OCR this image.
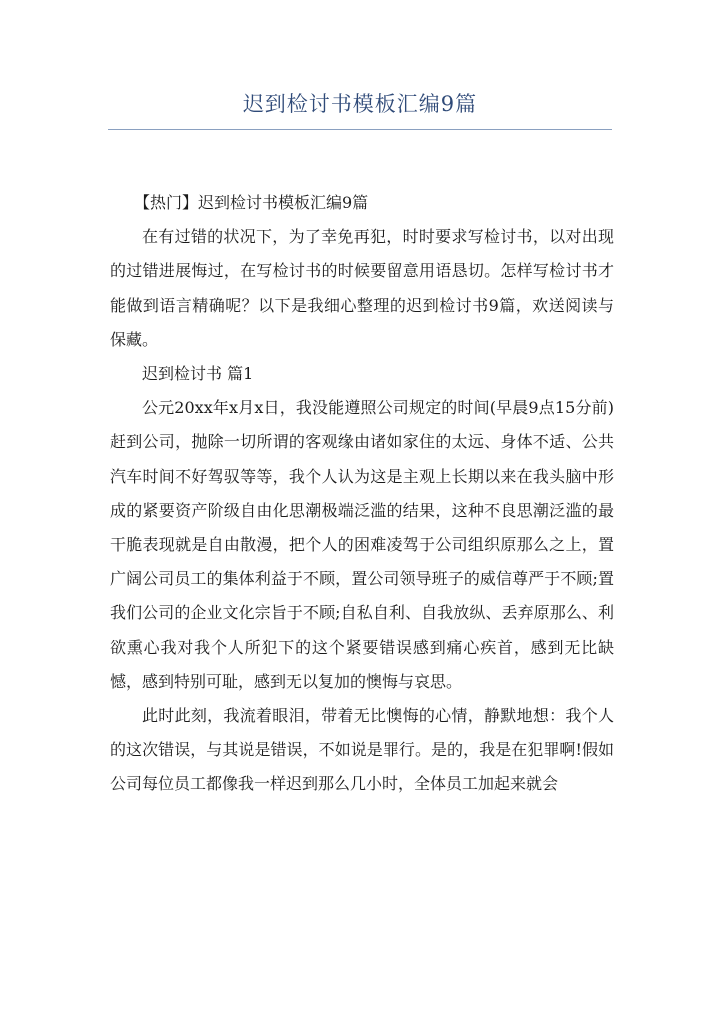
迟到检讨书模板汇编9篇

【热门】迟到检讨书模板汇编9篇

在有过错的状况下，为了幸免再犯，时时要求写检讨书，以对出现的过错进展悔过，在写检讨书的时候要留意用语恳切。怎样写检讨书才能做到语言精确呢？以下是我细心整理的迟到检讨书9篇，欢送阅读与保藏。

迟到检讨书 篇1

公元20xx年x月x日，我没能遵照公司规定的时间(早晨9点15分前)赶到公司，抛除一切所谓的客观缘由诸如家住的太远、身体不适、公共汽车时间不好驾驭等等，我个人认为这是主观上长期以来在我头脑中形成的紧要资产阶级自由化思潮极端泛滥的结果，这种不良思潮泛滥的最干脆表现就是自由散漫，把个人的困难凌驾于公司组织原那么之上，置广阔公司员工的集体利益于不顾，置公司领导班子的威信尊严于不顾;置我们公司的企业文化宗旨于不顾;自私自利、自我放纵、丢弃原那么、利欲熏心我对我个人所犯下的这个紧要错误感到痛心疾首，感到无比缺憾，感到特别可耻，感到无以复加的懊悔与哀思。

此时此刻，我流着眼泪，带着无比懊悔的心情，静默地想：我个人的这次错误，与其说是错误，不如说是罪行。是的，我是在犯罪啊!假如公司每位员工都像我一样迟到那么几小时，全体员工加起来就会
